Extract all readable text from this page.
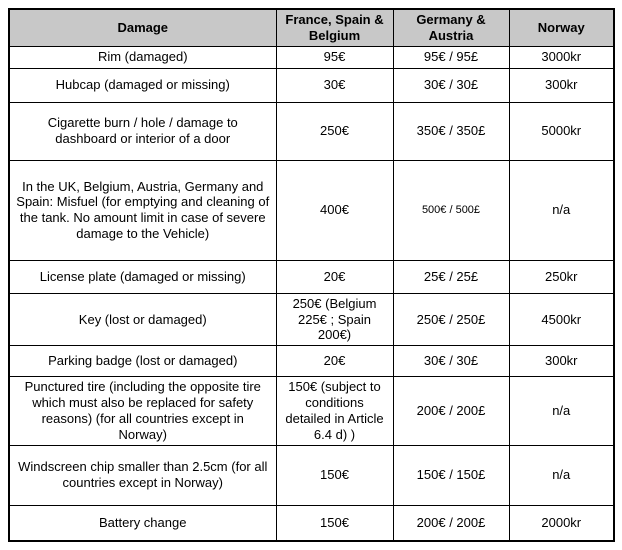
Damage	France, Spain & Belgium	Germany & Austria	Norway
Rim (damaged)	95€	95€ / 95£	3000kr
Hubcap (damaged or missing)	30€	30€ / 30£	300kr
Cigarette burn / hole / damage to dashboard or interior of a door	250€	350€ / 350£	5000kr
In the UK, Belgium, Austria, Germany and Spain: Misfuel (for emptying and cleaning of the tank. No amount limit in case of severe damage to the Vehicle)	400€	500€ / 500£	n/a
License plate (damaged or missing)	20€	25€ / 25£	250kr
Key (lost or damaged)	250€ (Belgium 225€ ; Spain 200€)	250€ / 250£	4500kr
Parking badge (lost or damaged)	20€	30€ / 30£	300kr
Punctured tire (including the opposite tire which must also be replaced for safety reasons) (for all countries except in Norway)	150€ (subject to conditions detailed in Article 6.4 d) )	200€ / 200£	n/a
Windscreen chip smaller than 2.5cm (for all countries except in Norway)	150€	150€ / 150£	n/a
Battery change	150€	200€ / 200£	2000kr
